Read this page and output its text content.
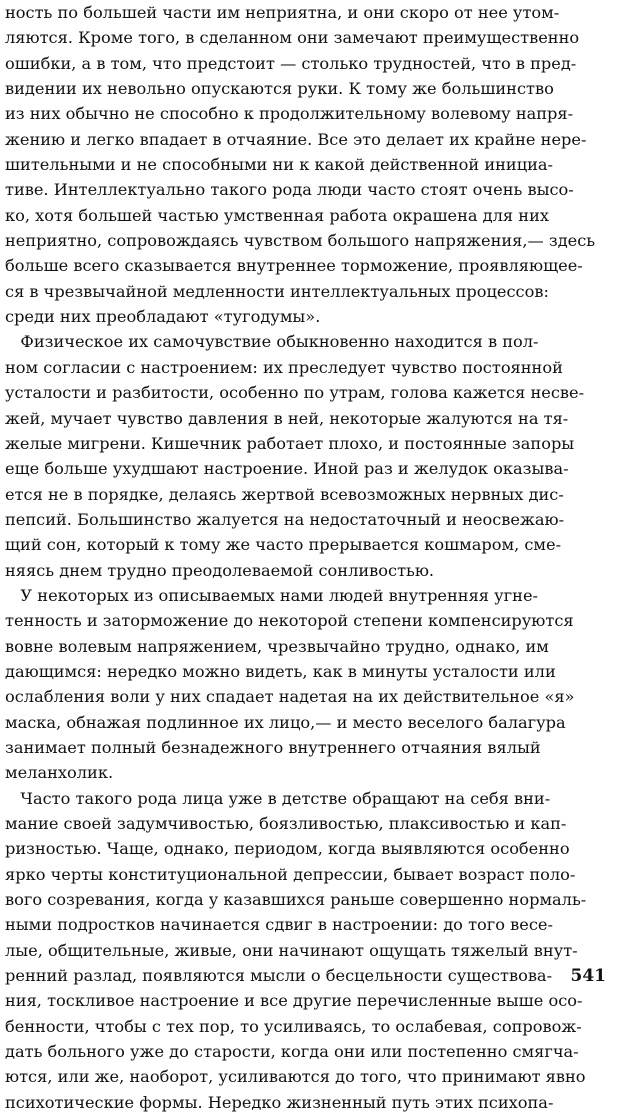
ность по большей части им неприятна, и они скоро от нее утом-
ляются. Кроме того, в сделанном они замечают преимущественно
ошибки, а в том, что предстоит — столько трудностей, что в пред-
видении их невольно опускаются руки. К тому же большинство
из них обычно не способно к продолжительному волевому напря-
жению и легко впадает в отчаяние. Все это делает их крайне нере-
шительными и не способными ни к какой действенной инициа-
тиве. Интеллектуально такого рода люди часто стоят очень высо-
ко, хотя большей частью умственная работа окрашена для них
неприятно, сопровождаясь чувством большого напряжения,— здесь
больше всего сказывается внутреннее торможение, проявляющее-
ся в чрезвычайной медленности интеллектуальных процессов:
среди них преобладают «тугодумы».
Физическое их самочувствие обыкновенно находится в пол-
ном согласии с настроением: их преследует чувство постоянной
усталости и разбитости, особенно по утрам, голова кажется несве-
жей, мучает чувство давления в ней, некоторые жалуются на тя-
желые мигрени. Кишечник работает плохо, и постоянные запоры
еще больше ухудшают настроение. Иной раз и желудок оказыва-
ется не в порядке, делаясь жертвой всевозможных нервных дис-
пепсий. Большинство жалуется на недостаточный и неосвежаю-
щий сон, который к тому же часто прерывается кошмаром, сме-
няясь днем трудно преодолеваемой сонливостью.
У некоторых из описываемых нами людей внутренняя угне-
тенность и заторможение до некоторой степени компенсируются
вовне волевым напряжением, чрезвычайно трудно, однако, им
дающимся: нередко можно видеть, как в минуты усталости или
ослабления воли у них спадает надетая на их действительное «я»
маска, обнажая подлинное их лицо,— и место веселого балагура
занимает полный безнадежного внутреннего отчаяния вялый
меланхолик.
Часто такого рода лица уже в детстве обращают на себя вни-
мание своей задумчивостью, боязливостью, плаксивостью и кап-
ризностью. Чаще, однако, периодом, когда выявляются особенно
ярко черты конституциональной депрессии, бывает возраст поло-
вого созревания, когда у казавшихся раньше совершенно нормаль-
ными подростков начинается сдвиг в настроении: до того весе-
лые, общительные, живые, они начинают ощущать тяжелый внут-
ренний разлад, появляются мысли о бесцельности существова-
ния, тоскливое настроение и все другие перечисленные выше осо-
бенности, чтобы с тех пор, то усиливаясь, то ослабевая, сопровож-
дать больного уже до старости, когда они или постепенно смягча-
ются, или же, наоборот, усиливаются до того, что принимают явно
психотические формы. Нередко жизненный путь этих психопа-
541
